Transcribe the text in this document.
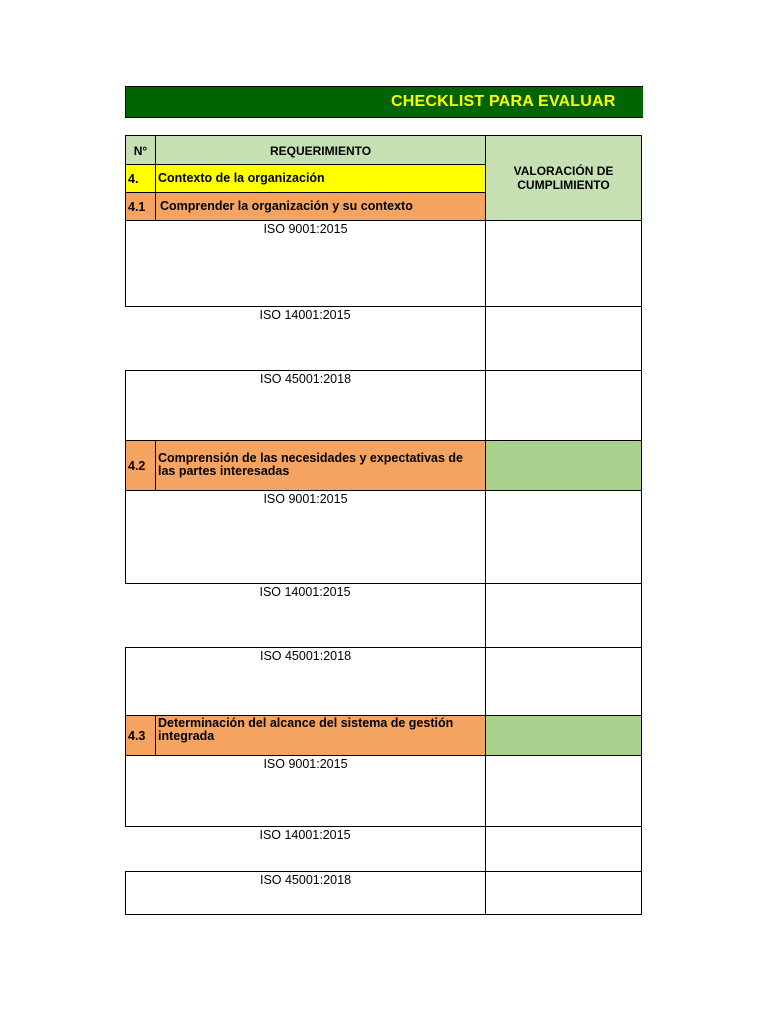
CHECKLIST PARA EVALUAR
N°	REQUERIMIENTO
VALORACIÓN DE CUMPLIMIENTO
4. Contexto de la organización
4.1 Comprender la organización y su contexto
ISO 9001:2015
ISO 14001:2015
ISO 45001:2018
4.2
Comprensión de las necesidades y expectativas de las partes interesadas
ISO 9001:2015
ISO 14001:2015
ISO 45001:2018
4.3
Determinación del alcance del sistema de gestión integrada
ISO 9001:2015
ISO 14001:2015
ISO 45001:2018
